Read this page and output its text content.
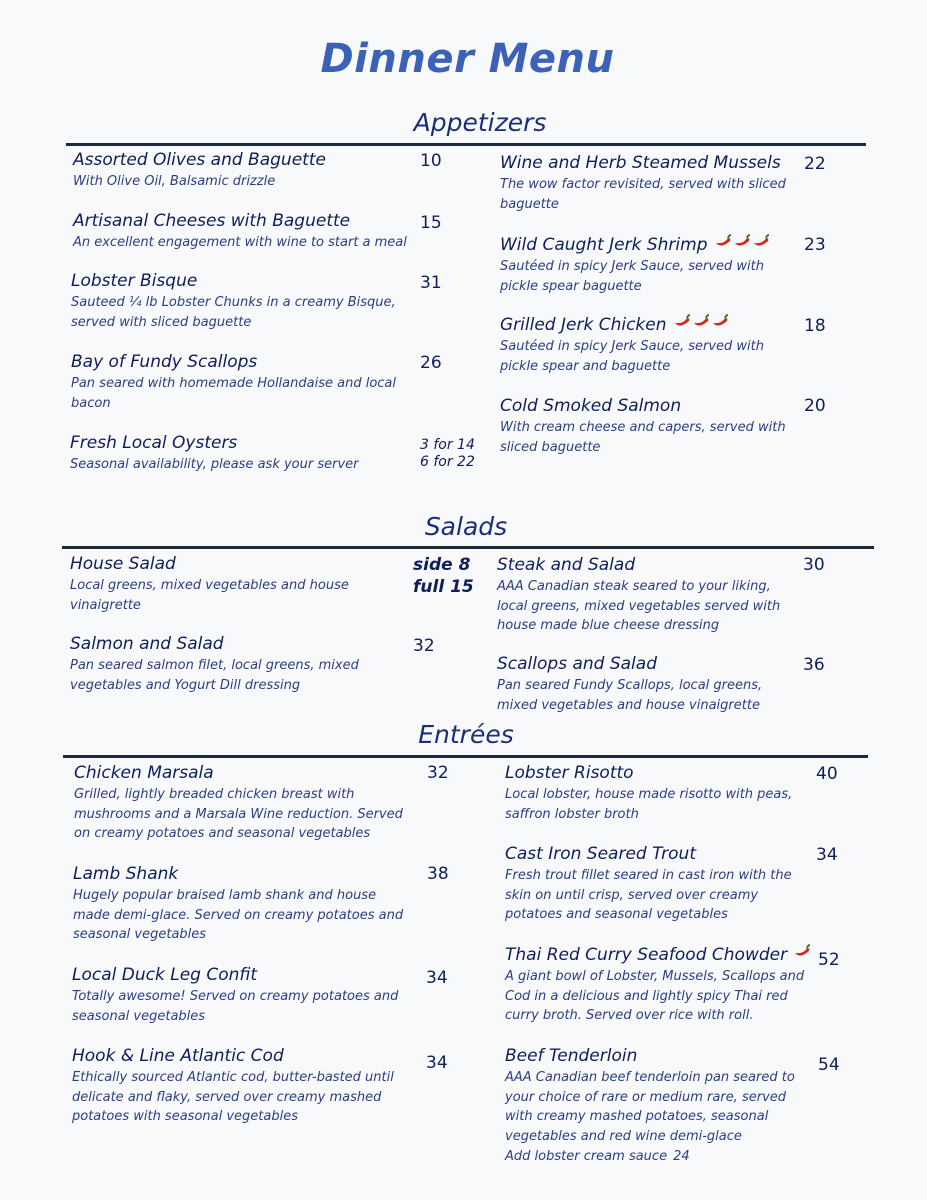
Dinner Menu
Appetizers
Assorted Olives and Baguette
With Olive Oil, Balsamic drizzle
10
Artisanal Cheeses with Baguette
An excellent engagement with wine to start a meal
15
Lobster Bisque
Sauteed ¼ lb Lobster Chunks in a creamy Bisque, served with sliced baguette
31
Bay of Fundy Scallops
Pan seared with homemade Hollandaise and local bacon
26
Fresh Local Oysters
Seasonal availability, please ask your server
3 for 14
6 for 22
Wine and Herb Steamed Mussels
The wow factor revisited, served with sliced baguette
22
Wild Caught Jerk Shrimp
Sautéed in spicy Jerk Sauce, served with pickle spear baguette
23
Grilled Jerk Chicken
Sautéed in spicy Jerk Sauce, served with pickle spear and baguette
18
Cold Smoked Salmon
With cream cheese and capers, served with sliced baguette
20
Salads
House Salad
Local greens, mixed vegetables and house vinaigrette
side 8
full 15
Salmon and Salad
Pan seared salmon filet, local greens, mixed vegetables and Yogurt Dill dressing
32
Steak and Salad
AAA Canadian steak seared to your liking, local greens, mixed vegetables served with house made blue cheese dressing
30
Scallops and Salad
Pan seared Fundy Scallops, local greens, mixed vegetables and house vinaigrette
36
Entrées
Chicken Marsala
Grilled, lightly breaded chicken breast with mushrooms and a Marsala Wine reduction. Served on creamy potatoes and seasonal vegetables
32
Lamb Shank
Hugely popular braised lamb shank and house made demi-glace. Served on creamy potatoes and seasonal vegetables
38
Local Duck Leg Confit
Totally awesome! Served on creamy potatoes and seasonal vegetables
34
Hook & Line Atlantic Cod
Ethically sourced Atlantic cod, butter-basted until delicate and flaky, served over creamy mashed potatoes with seasonal vegetables
34
Lobster Risotto
Local lobster, house made risotto with peas, saffron lobster broth
40
Cast Iron Seared Trout
Fresh trout fillet seared in cast iron with the skin on until crisp, served over creamy potatoes and seasonal vegetables
34
Thai Red Curry Seafood Chowder
A giant bowl of Lobster, Mussels, Scallops and Cod in a delicious and lightly spicy Thai red curry broth. Served over rice with roll.
52
Beef Tenderloin
AAA Canadian beef tenderloin pan seared to your choice of rare or medium rare, served with creamy mashed potatoes, seasonal vegetables and red wine demi-glace
Add lobster cream sauce 24
54
